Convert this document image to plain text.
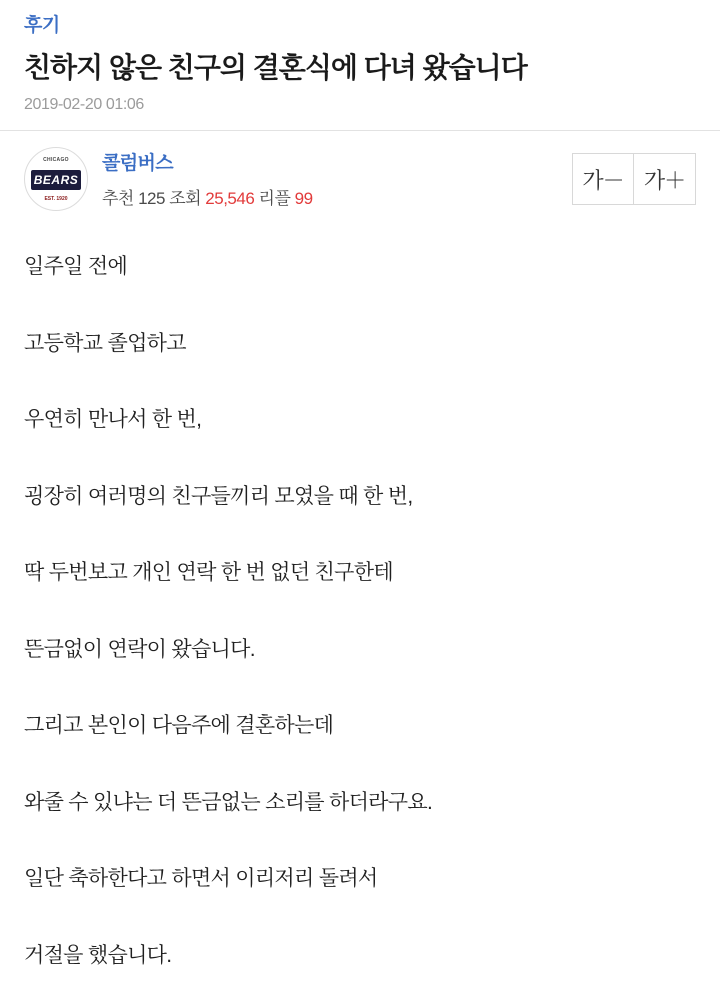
후기
친하지 않은 친구의 결혼식에 다녀 왔습니다
2019-02-20 01:06
CHICAGO
BEARS
EST. 1920
콜럼버스
추천 125 조회 25,546 리플 99
가－ 가＋

일주일 전에

고등학교 졸업하고

우연히 만나서 한 번,

굉장히 여러명의 친구들끼리 모였을 때 한 번,

딱 두번보고 개인 연락 한 번 없던 친구한테

뜬금없이 연락이 왔습니다.

그리고 본인이 다음주에 결혼하는데

와줄 수 있냐는 더 뜬금없는 소리를 하더라구요.

일단 축하한다고 하면서 이리저리 돌려서

거절을 했습니다.
